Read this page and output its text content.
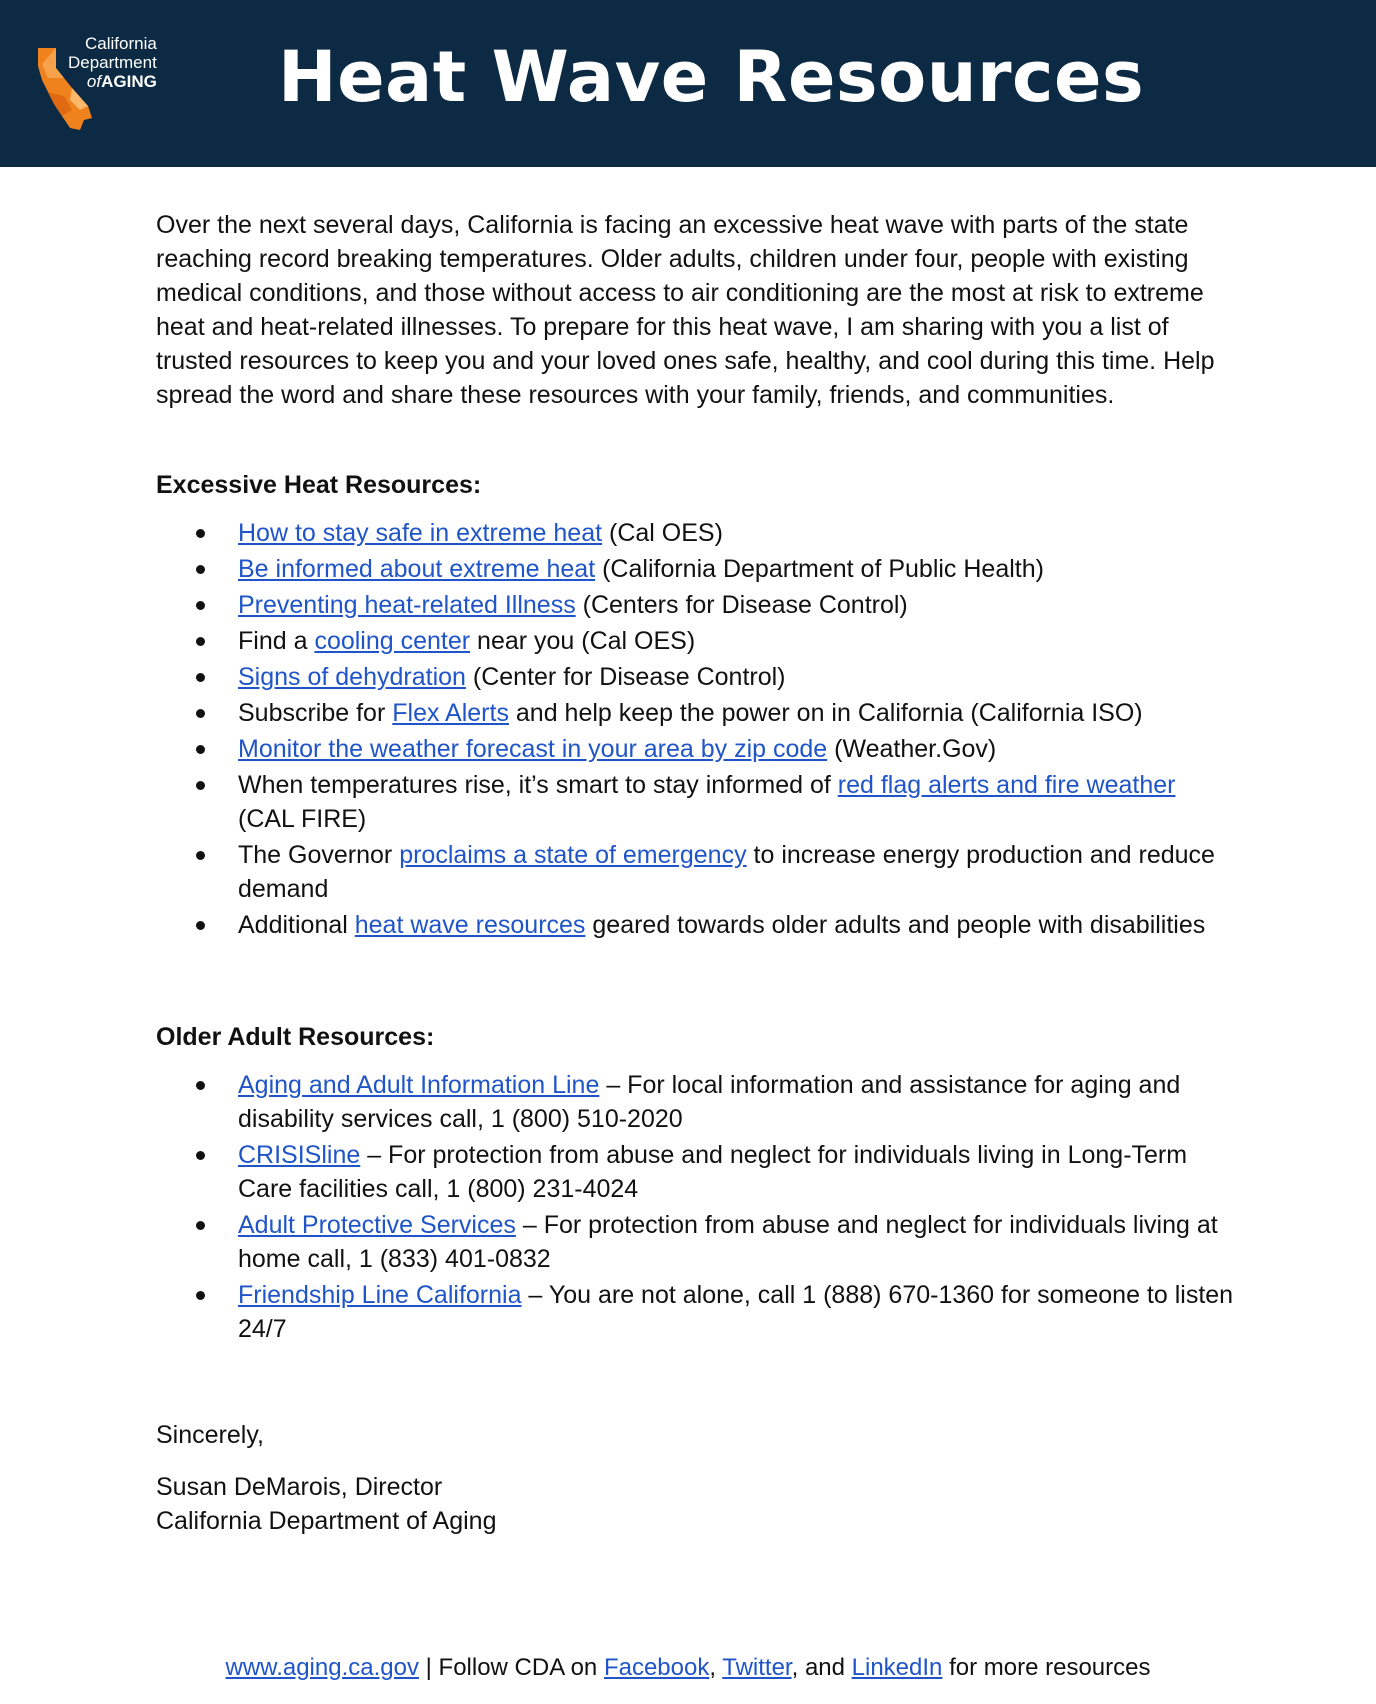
California
Department
ofAGING Heat Wave Resources

Over the next several days, California is facing an excessive heat wave with parts of the state reaching record breaking temperatures. Older adults, children under four, people with existing medical conditions, and those without access to air conditioning are the most at risk to extreme heat and heat-related illnesses. To prepare for this heat wave, I am sharing with you a list of trusted resources to keep you and your loved ones safe, healthy, and cool during this time. Help spread the word and share these resources with your family, friends, and communities.

Excessive Heat Resources:
How to stay safe in extreme heat (Cal OES)
Be informed about extreme heat (California Department of Public Health)
Preventing heat-related Illness (Centers for Disease Control)
Find a cooling center near you (Cal OES)
Signs of dehydration (Center for Disease Control)
Subscribe for Flex Alerts and help keep the power on in California (California ISO)
Monitor the weather forecast in your area by zip code (Weather.Gov)
When temperatures rise, it’s smart to stay informed of red flag alerts and fire weather (CAL FIRE)
The Governor proclaims a state of emergency to increase energy production and reduce demand
Additional heat wave resources geared towards older adults and people with disabilities
Older Adult Resources:
Aging and Adult Information Line – For local information and assistance for aging and disability services call, 1 (800) 510-2020
CRISISline – For protection from abuse and neglect for individuals living in Long-Term Care facilities call, 1 (800) 231-4024
Adult Protective Services – For protection from abuse and neglect for individuals living at home call, 1 (833) 401-0832
Friendship Line California – You are not alone, call 1 (888) 670-1360 for someone to listen 24/7

Sincerely,

Susan DeMarois, Director

California Department of Aging

www.aging.ca.gov | Follow CDA on Facebook, Twitter, and LinkedIn for more resources
